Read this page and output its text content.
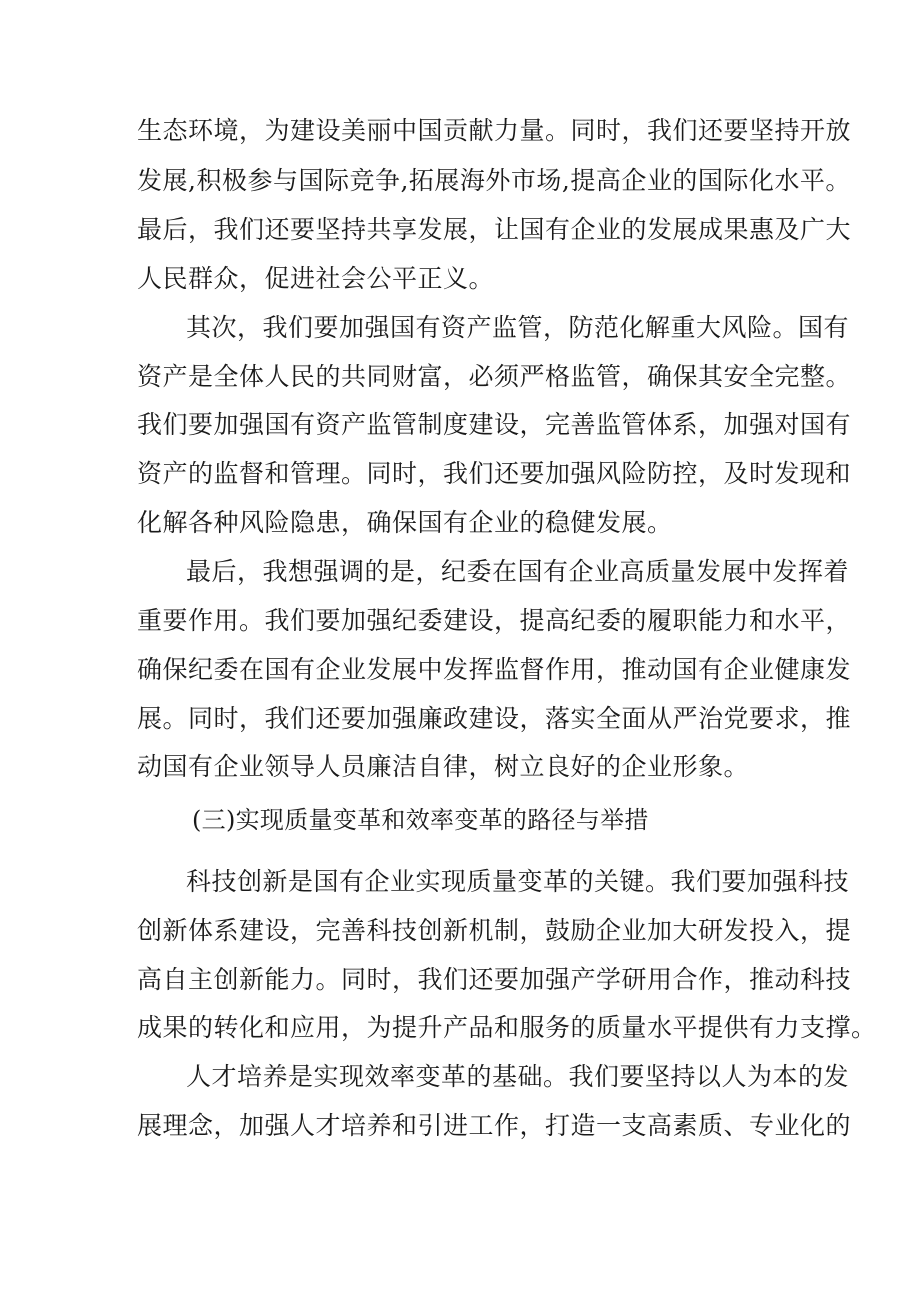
生态环境，为建设美丽中国贡献力量。同时，我们还要坚持开放
发展,积极参与国际竞争,拓展海外市场,提高企业的国际化水平。
最后，我们还要坚持共享发展，让国有企业的发展成果惠及广大
人民群众，促进社会公平正义。
其次，我们要加强国有资产监管，防范化解重大风险。国有
资产是全体人民的共同财富，必须严格监管，确保其安全完整。
我们要加强国有资产监管制度建设，完善监管体系，加强对国有
资产的监督和管理。同时，我们还要加强风险防控，及时发现和
化解各种风险隐患，确保国有企业的稳健发展。
最后，我想强调的是，纪委在国有企业高质量发展中发挥着
重要作用。我们要加强纪委建设，提高纪委的履职能力和水平，
确保纪委在国有企业发展中发挥监督作用，推动国有企业健康发
展。同时，我们还要加强廉政建设，落实全面从严治党要求，推
动国有企业领导人员廉洁自律，树立良好的企业形象。
(三)实现质量变革和效率变革的路径与举措
科技创新是国有企业实现质量变革的关键。我们要加强科技
创新体系建设，完善科技创新机制，鼓励企业加大研发投入，提
高自主创新能力。同时，我们还要加强产学研用合作，推动科技
成果的转化和应用，为提升产品和服务的质量水平提供有力支撑。
人才培养是实现效率变革的基础。我们要坚持以人为本的发
展理念，加强人才培养和引进工作，打造一支高素质、专业化的
